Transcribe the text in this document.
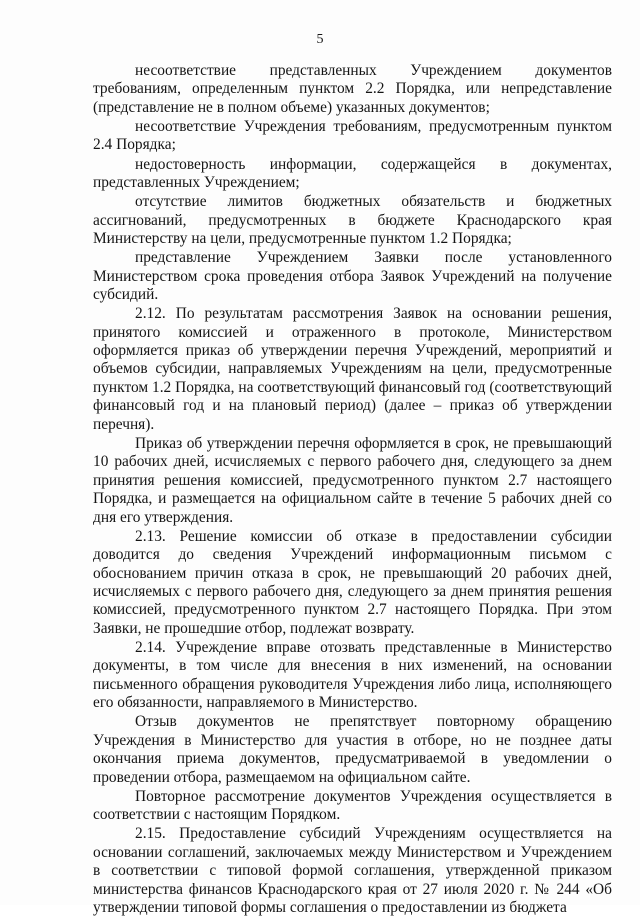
5

несоответствие представленных Учреждением документов требованиям, определенным пунктом 2.2 Порядка, или непредставление (представление не в полном объеме) указанных документов;

несоответствие Учреждения требованиям, предусмотренным пунктом 2.4 Порядка;

недостоверность информации, содержащейся в документах, представленных Учреждением;

отсутствие лимитов бюджетных обязательств и бюджетных ассигнований, предусмотренных в бюджете Краснодарского края Министерству на цели, предусмотренные пунктом 1.2 Порядка;

представление Учреждением Заявки после установленного Министерством срока проведения отбора Заявок Учреждений на получение субсидий.

2.12. По результатам рассмотрения Заявок на основании решения, принятого комиссией и отраженного в протоколе, Министерством оформляется приказ об утверждении перечня Учреждений, мероприятий и объемов субсидии, направляемых Учреждениям на цели, предусмотренные пунктом 1.2 Порядка, на соответствующий финансовый год (соответствующий финансовый год и на плановый период) (далее – приказ об утверждении перечня).

Приказ об утверждении перечня оформляется в срок, не превышающий 10 рабочих дней, исчисляемых с первого рабочего дня, следующего за днем принятия решения комиссией, предусмотренного пунктом 2.7 настоящего Порядка, и размещается на официальном сайте в течение 5 рабочих дней со дня его утверждения.

2.13. Решение комиссии об отказе в предоставлении субсидии доводится до сведения Учреждений информационным письмом с обоснованием причин отказа в срок, не превышающий 20 рабочих дней, исчисляемых с первого рабочего дня, следующего за днем принятия решения комиссией, предусмотренного пунктом 2.7 настоящего Порядка. При этом Заявки, не прошедшие отбор, подлежат возврату.

2.14. Учреждение вправе отозвать представленные в Министерство документы, в том числе для внесения в них изменений, на основании письменного обращения руководителя Учреждения либо лица, исполняющего его обязанности, направляемого в Министерство.

Отзыв документов не препятствует повторному обращению Учреждения в Министерство для участия в отборе, но не позднее даты окончания приема документов, предусматриваемой в уведомлении о проведении отбора, размещаемом на официальном сайте.

Повторное рассмотрение документов Учреждения осуществляется в соответствии с настоящим Порядком.

2.15. Предоставление субсидий Учреждениям осуществляется на основании соглашений, заключаемых между Министерством и Учреждением в соответствии с типовой формой соглашения, утвержденной приказом министерства финансов Краснодарского края от 27 июля 2020 г. № 244 «Об утверждении типовой формы соглашения о предоставлении из бюджета
